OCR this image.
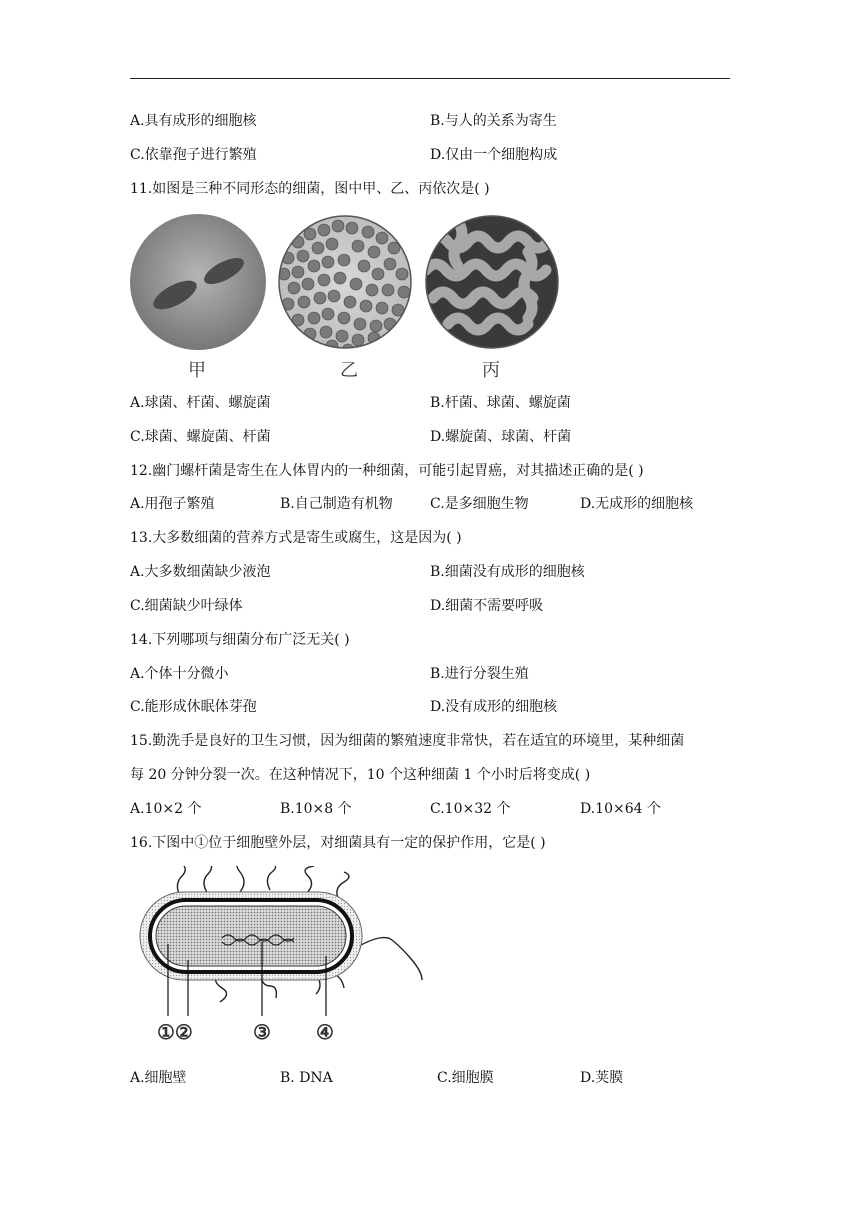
A.具有成形的细胞核	B.与人的关系为寄生
C.依靠孢子进行繁殖	D.仅由一个细胞构成
11.如图是三种不同形态的细菌，图中甲、乙、丙依次是( )
甲	乙	丙
A.球菌、杆菌、螺旋菌	B.杆菌、球菌、螺旋菌
C.球菌、螺旋菌、杆菌	D.螺旋菌、球菌、杆菌
12.幽门螺杆菌是寄生在人体胃内的一种细菌，可能引起胃癌，对其描述正确的是( )
A.用孢子繁殖	B.自己制造有机物	C.是多细胞生物	D.无成形的细胞核
13.大多数细菌的营养方式是寄生或腐生，这是因为( )
A.大多数细菌缺少液泡	B.细菌没有成形的细胞核
C.细菌缺少叶绿体	D.细菌不需要呼吸
14.下列哪项与细菌分布广泛无关( )
A.个体十分微小	B.进行分裂生殖
C.能形成休眠体芽孢	D.没有成形的细胞核
15.勤洗手是良好的卫生习惯，因为细菌的繁殖速度非常快，若在适宜的环境里，某种细菌
每 20 分钟分裂一次。在这种情况下，10 个这种细菌 1 个小时后将变成( )
A.10×2 个	B.10×8 个	C.10×32 个	D.10×64 个
16.下图中①位于细胞壁外层，对细菌具有一定的保护作用，它是( )
①②	③ ④
A.细胞壁	B. DNA	C.细胞膜	D.荚膜
